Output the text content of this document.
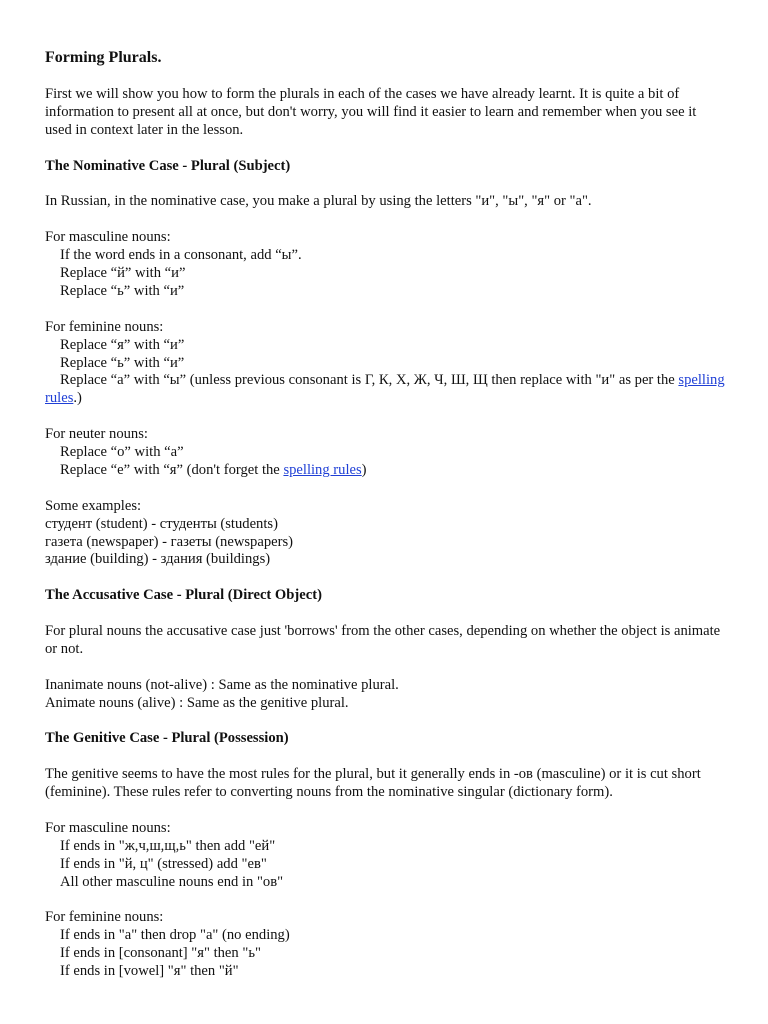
Forming Plurals.

First we will show you how to form the plurals in each of the cases we have already learnt. It is quite a bit of information to present all at once, but don't worry, you will find it easier to learn and remember when you see it used in context later in the lesson.

The Nominative Case - Plural (Subject)

In Russian, in the nominative case, you make a plural by using the letters "и", "ы", "я" or "а".

For masculine nouns:

If the word ends in a consonant, add “ы”.

Replace “й” with “и”

Replace “ь” with “и”

For feminine nouns:

Replace “я” with “и”

Replace “ь” with “и”

Replace “а” with “ы” (unless previous consonant is Г, К, Х, Ж, Ч, Ш, Щ then replace with "и" as per the spelling rules.)

For neuter nouns:

Replace “о” with “а”

Replace “е” with “я” (don't forget the spelling rules)

Some examples:

студент (student) - студенты (students)

газета (newspaper) - газеты (newspapers)

здание (building) - здания (buildings)

The Accusative Case - Plural (Direct Object)

For plural nouns the accusative case just 'borrows' from the other cases, depending on whether the object is animate or not.

Inanimate nouns (not-alive) : Same as the nominative plural.

Animate nouns (alive) : Same as the genitive plural.

The Genitive Case - Plural (Possession)

The genitive seems to have the most rules for the plural, but it generally ends in -ов (masculine) or it is cut short (feminine). These rules refer to converting nouns from the nominative singular (dictionary form).

For masculine nouns:

If ends in "ж,ч,ш,щ,ь" then add "ей"

If ends in "й, ц" (stressed) add "ев"

All other masculine nouns end in "ов"

For feminine nouns:

If ends in "а" then drop "а" (no ending)

If ends in [consonant] "я" then "ь"

If ends in [vowel] "я" then "й"
